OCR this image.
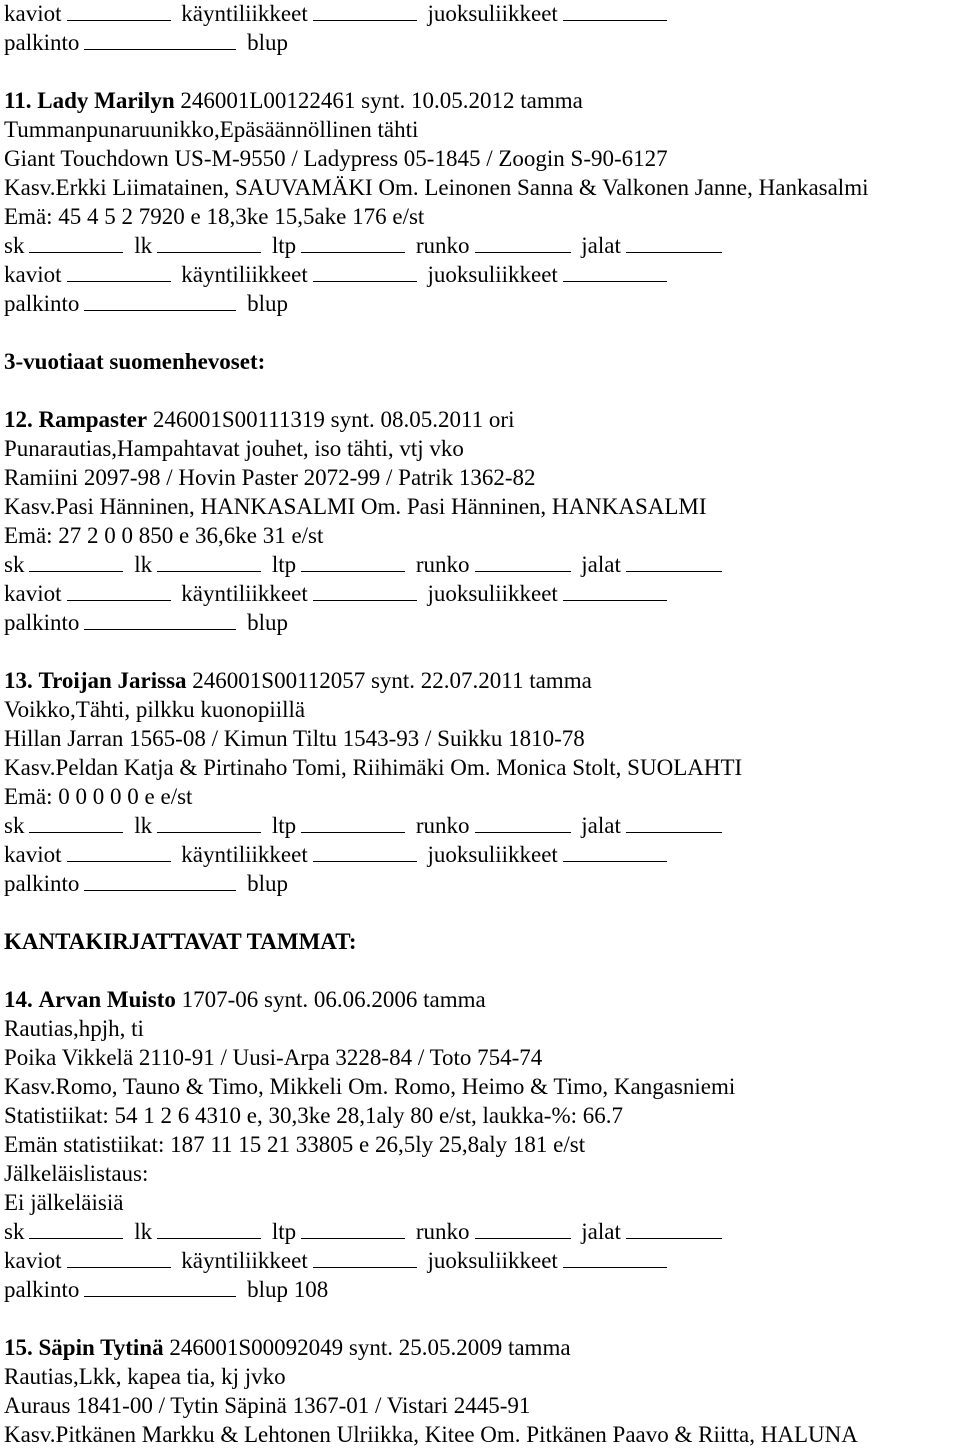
kaviot	käyntiliikkeet	juoksuliikkeet
palkinto	blup
11. Lady Marilyn 246001L00122461 synt. 10.05.2012 tamma
Tummanpunaruunikko,Epäsäännöllinen tähti
Giant Touchdown US-M-9550 / Ladypress 05-1845 / Zoogin S-90-6127
Kasv.Erkki Liimatainen, SAUVAMÄKI Om. Leinonen Sanna & Valkonen Janne, Hankasalmi
Emä: 45 4 5 2 7920 e 18,3ke 15,5ake 176 e/st
sk	lk	ltp	runko	jalat
kaviot	käyntiliikkeet	juoksuliikkeet
palkinto	blup
3-vuotiaat suomenhevoset:
12. Rampaster 246001S00111319 synt. 08.05.2011 ori
Punarautias,Hampahtavat jouhet, iso tähti, vtj vko
Ramiini 2097-98 / Hovin Paster 2072-99 / Patrik 1362-82
Kasv.Pasi Hänninen, HANKASALMI Om. Pasi Hänninen, HANKASALMI
Emä: 27 2 0 0 850 e 36,6ke 31 e/st
sk	lk	ltp	runko	jalat
kaviot	käyntiliikkeet	juoksuliikkeet
palkinto	blup
13. Troijan Jarissa 246001S00112057 synt. 22.07.2011 tamma
Voikko,Tähti, pilkku kuonopiillä
Hillan Jarran 1565-08 / Kimun Tiltu 1543-93 / Suikku 1810-78
Kasv.Peldan Katja & Pirtinaho Tomi, Riihimäki Om. Monica Stolt, SUOLAHTI
Emä: 0 0 0 0 0 e e/st
sk	lk	ltp	runko	jalat
kaviot	käyntiliikkeet	juoksuliikkeet
palkinto	blup
KANTAKIRJATTAVAT TAMMAT:
14. Arvan Muisto 1707-06 synt. 06.06.2006 tamma
Rautias,hpjh, ti
Poika Vikkelä 2110-91 / Uusi-Arpa 3228-84 / Toto 754-74
Kasv.Romo, Tauno & Timo, Mikkeli Om. Romo, Heimo & Timo, Kangasniemi
Statistiikat: 54 1 2 6 4310 e, 30,3ke 28,1aly 80 e/st, laukka-%: 66.7
Emän statistiikat: 187 11 15 21 33805 e 26,5ly 25,8aly 181 e/st
Jälkeläislistaus:
Ei jälkeläisiä
sk	lk	ltp	runko	jalat
kaviot	käyntiliikkeet	juoksuliikkeet
palkinto	blup 108
15. Säpin Tytinä 246001S00092049 synt. 25.05.2009 tamma
Rautias,Lkk, kapea tia, kj jvko
Auraus 1841-00 / Tytin Säpinä 1367-01 / Vistari 2445-91
Kasv.Pitkänen Markku & Lehtonen Ulriikka, Kitee Om. Pitkänen Paavo & Riitta, HALUNA
